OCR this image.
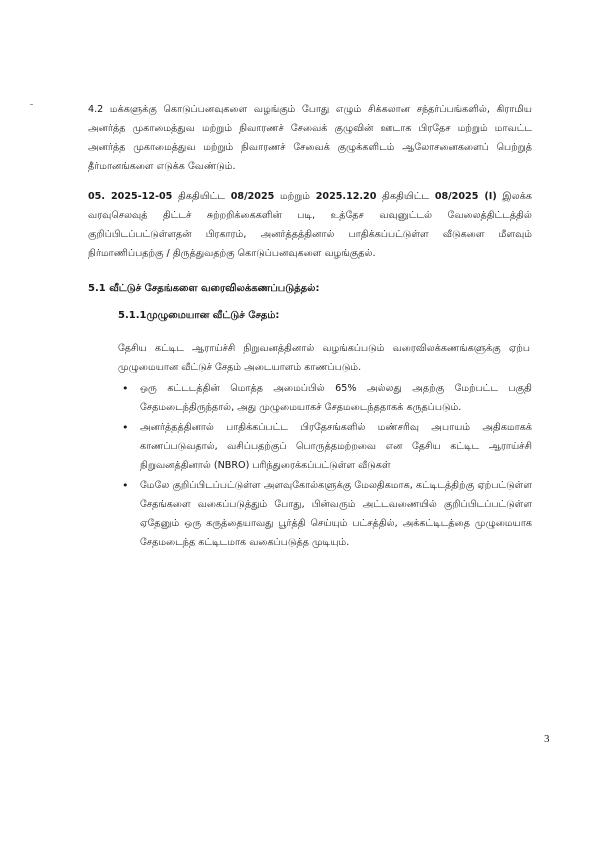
4.2 மக்களுக்கு கொடுப்பனவுகளை வழங்கும் போது எழும் சிக்கலான சந்தர்ப்பங்களில், கிராமிய அனர்த்த முகாமைத்துவ மற்றும் நிவாரணச் சேவைக் குழுவின் ஊடாக பிரதேச மற்றும் மாவட்ட அனர்த்த முகாமைத்துவ மற்றும் நிவாரணச் சேவைக் குழுக்களிடம் ஆலோசனைகளைப் பெற்றுத் தீர்மானங்களை எடுக்க வேண்டும்.

05. 2025-12-05 திகதியிட்ட 08/2025 மற்றும் 2025.12.20 திகதியிட்ட 08/2025 (I) இலக்க வரவுசெலவுத் திட்டச் சுற்றறிக்கைகளின் படி, உத்தேச வவுனுட்டல் வேலைத்திட்டத்தில் குறிப்பிடப்பட்டுள்ளதன் பிரகாரம், அனர்த்தத்தினால் பாதிக்கப்பட்டுள்ள வீடுகளை மீளவும் நிர்மாணிப்பதற்கு / திருத்துவதற்கு கொடுப்பனவுகளை வழங்குதல்.

5.1 வீட்டுச் சேதங்களை வரைவிலக்கணப்படுத்தல்:

5.1.1முழுமையான வீட்டுச் சேதம்:

தேசிய கட்டிட ஆராய்ச்சி நிறுவனத்தினால் வழங்கப்படும் வரைவிலக்கணங்களுக்கு ஏற்ப முழுமையான வீட்டுச் சேதம் அடையாளம் காணப்படும்.

• ஒரு கட்டடத்தின் மொத்த அமைப்பில் 65% அல்லது அதற்கு மேற்பட்ட பகுதி சேதமடைந்திருந்தால், அது முழுமையாகச் சேதமடைந்ததாகக் கருதப்படும்.
• அனர்த்தத்தினால் பாதிக்கப்பட்ட பிரதேசங்களில் மண்சரிவு அபாயம் அதிகமாகக் காணப்படுவதால், வசிப்பதற்குப் பொருத்தமற்றவை என தேசிய கட்டிட ஆராய்ச்சி நிறுவனத்தினால் (NBRO) பரிந்துரைக்கப்பட்டுள்ள வீடுகள்
• மேலே குறிப்பிடப்பட்டுள்ள அளவுகோல்களுக்கு மேலதிகமாக, கட்டிடத்திற்கு ஏற்பட்டுள்ள சேதங்களை வகைப்படுத்தும் போது, பின்வரும் அட்டவணையில் குறிப்பிடப்பட்டுள்ள ஏதேனும் ஒரு கருத்தையாவது பூர்த்தி செய்யும் பட்சத்தில், அக்கட்டிடத்தை முழுமையாக சேதமடைந்த கட்டிடமாக வகைப்படுத்த முடியும்.
3
